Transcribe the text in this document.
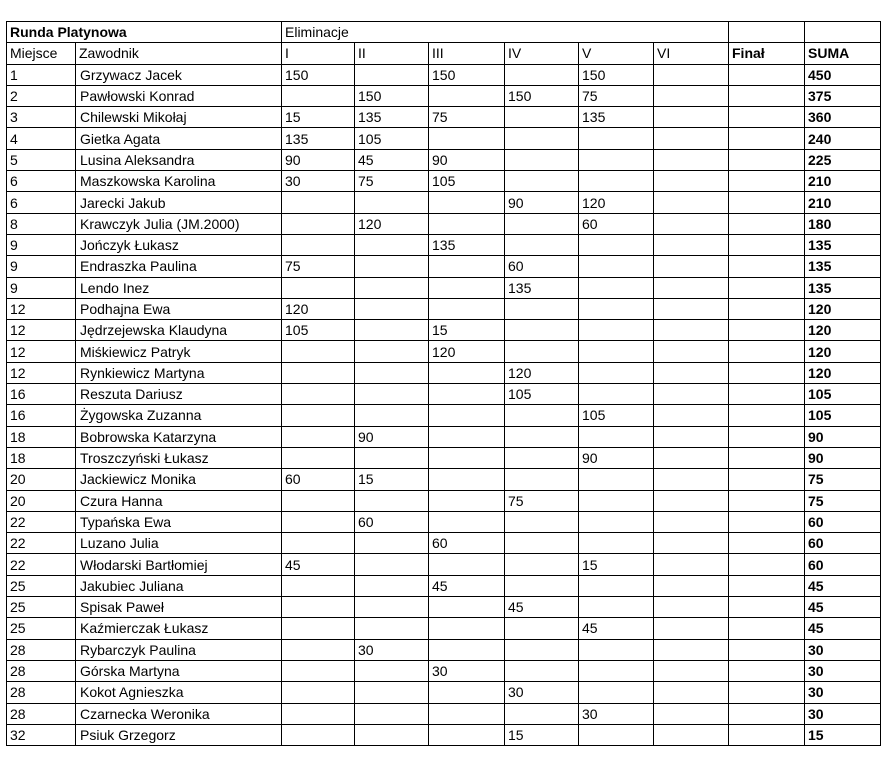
Runda Platynowa		Eliminacje							
Miejsce	Zawodnik	I	II	III	IV	V	VI	Finał	SUMA
1	Grzywacz Jacek	150		150		150			450
2	Pawłowski Konrad		150		150	75			375
3	Chilewski Mikołaj	15	135	75		135			360
4	Gietka Agata	135	105						240
5	Lusina Aleksandra	90	45	90					225
6	Maszkowska Karolina	30	75	105					210
6	Jarecki Jakub				90	120			210
8	Krawczyk Julia (JM.2000)		120			60			180
9	Jończyk Łukasz			135					135
9	Endraszka Paulina	75			60				135
9	Lendo Inez				135				135
12	Podhajna Ewa	120							120
12	Jędrzejewska Klaudyna	105		15					120
12	Miśkiewicz Patryk			120					120
12	Rynkiewicz Martyna				120				120
16	Reszuta Dariusz				105				105
16	Żygowska Zuzanna					105			105
18	Bobrowska Katarzyna		90						90
18	Troszczyński Łukasz					90			90
20	Jackiewicz Monika	60	15						75
20	Czura Hanna				75				75
22	Typańska Ewa		60						60
22	Luzano Julia			60					60
22	Włodarski Bartłomiej	45				15			60
25	Jakubiec Juliana			45					45
25	Spisak Paweł				45				45
25	Kaźmierczak Łukasz					45			45
28	Rybarczyk Paulina		30						30
28	Górska Martyna			30					30
28	Kokot Agnieszka				30				30
28	Czarnecka Weronika					30			30
32	Psiuk Grzegorz				15				15
